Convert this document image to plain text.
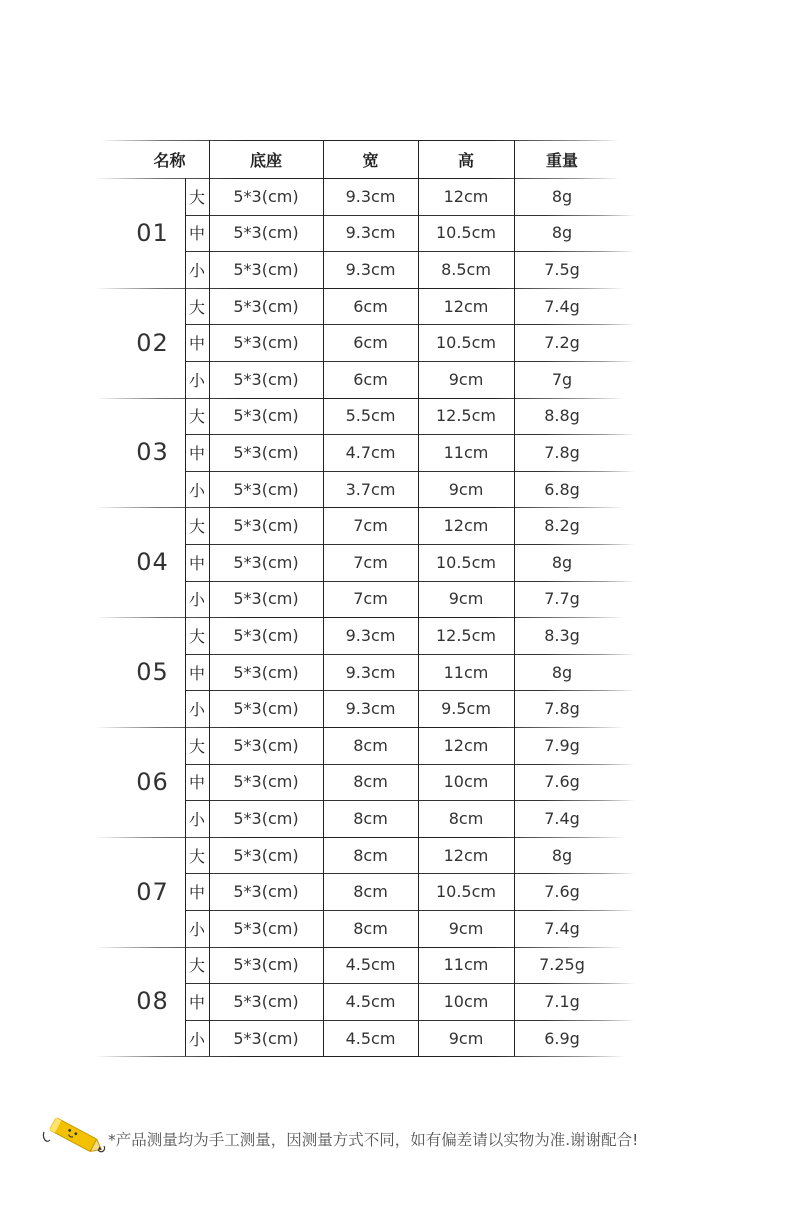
名称	底座	宽	高	重量
01
大	5*3(cm)	9.3cm	12cm	8g
中	5*3(cm)	9.3cm	10.5cm	8g
小	5*3(cm)	9.3cm	8.5cm	7.5g
02
大	5*3(cm)	6cm	12cm	7.4g
中	5*3(cm)	6cm	10.5cm	7.2g
小	5*3(cm)	6cm	9cm	7g
03
大	5*3(cm)	5.5cm	12.5cm	8.8g
中	5*3(cm)	4.7cm	11cm	7.8g
小	5*3(cm)	3.7cm	9cm	6.8g
04
大	5*3(cm)	7cm	12cm	8.2g
中	5*3(cm)	7cm	10.5cm	8g
小	5*3(cm)	7cm	9cm	7.7g
05
大	5*3(cm)	9.3cm	12.5cm	8.3g
中	5*3(cm)	9.3cm	11cm	8g
小	5*3(cm)	9.3cm	9.5cm	7.8g
06
大	5*3(cm)	8cm	12cm	7.9g
中	5*3(cm)	8cm	10cm	7.6g
小	5*3(cm)	8cm	8cm	7.4g
07
大	5*3(cm)	8cm	12cm	8g
中	5*3(cm)	8cm	10.5cm	7.6g
小	5*3(cm)	8cm	9cm	7.4g
08
大	5*3(cm)	4.5cm	11cm	7.25g
中	5*3(cm)	4.5cm	10cm	7.1g
小	5*3(cm)	4.5cm	9cm	6.9g
*产品测量均为手工测量，因测量方式不同，如有偏差请以实物为准.谢谢配合!
